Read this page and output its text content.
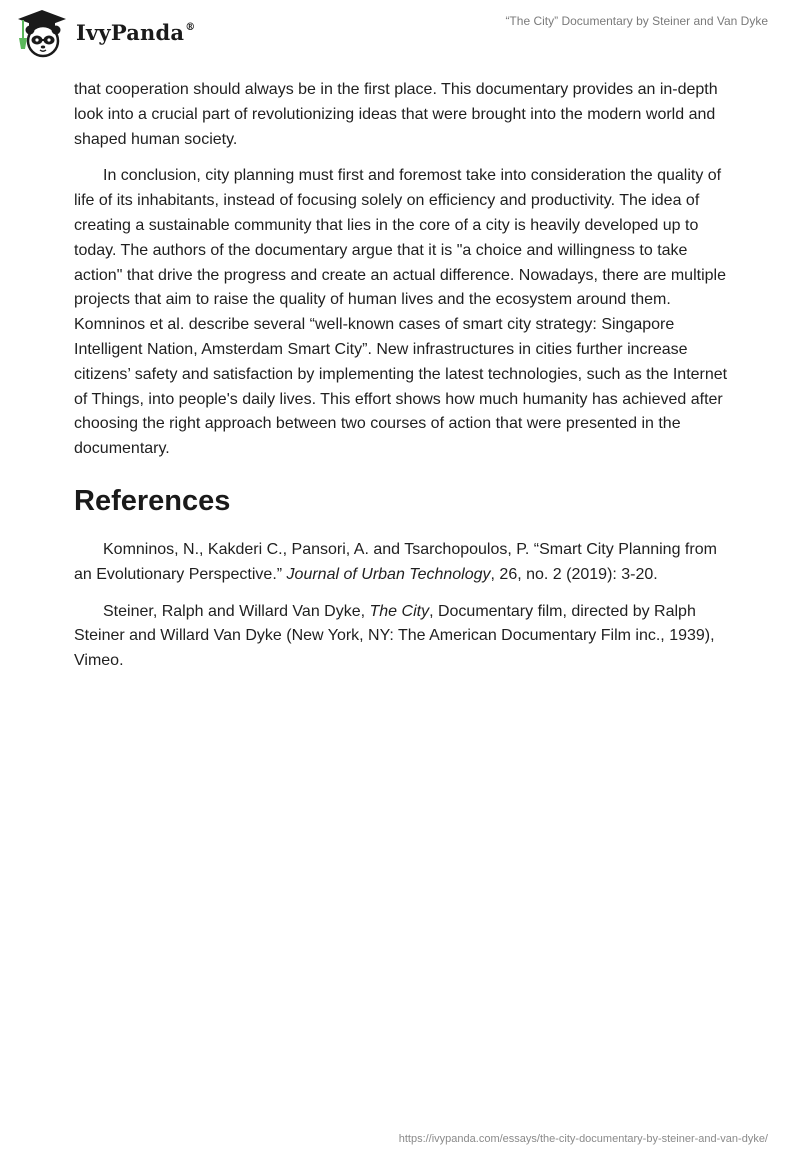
IvyPanda®	“The City” Documentary by Steiner and Van Dyke

that cooperation should always be in the first place. This documentary provides an in-depth look into a crucial part of revolutionizing ideas that were brought into the modern world and shaped human society.

In conclusion, city planning must first and foremost take into consideration the quality of life of its inhabitants, instead of focusing solely on efficiency and productivity. The idea of creating a sustainable community that lies in the core of a city is heavily developed up to today. The authors of the documentary argue that it is "a choice and willingness to take action" that drive the progress and create an actual difference. Nowadays, there are multiple projects that aim to raise the quality of human lives and the ecosystem around them. Komninos et al. describe several “well-known cases of smart city strategy: Singapore Intelligent Nation, Amsterdam Smart City”. New infrastructures in cities further increase citizens’ safety and satisfaction by implementing the latest technologies, such as the Internet of Things, into people's daily lives. This effort shows how much humanity has achieved after choosing the right approach between two courses of action that were presented in the documentary.

References

Komninos, N., Kakderi C., Pansori, A. and Tsarchopoulos, P. “Smart City Planning from an Evolutionary Perspective.” Journal of Urban Technology, 26, no. 2 (2019): 3-20.

Steiner, Ralph and Willard Van Dyke, The City, Documentary film, directed by Ralph Steiner and Willard Van Dyke (New York, NY: The American Documentary Film inc., 1939), Vimeo.

https://ivypanda.com/essays/the-city-documentary-by-steiner-and-van-dyke/
